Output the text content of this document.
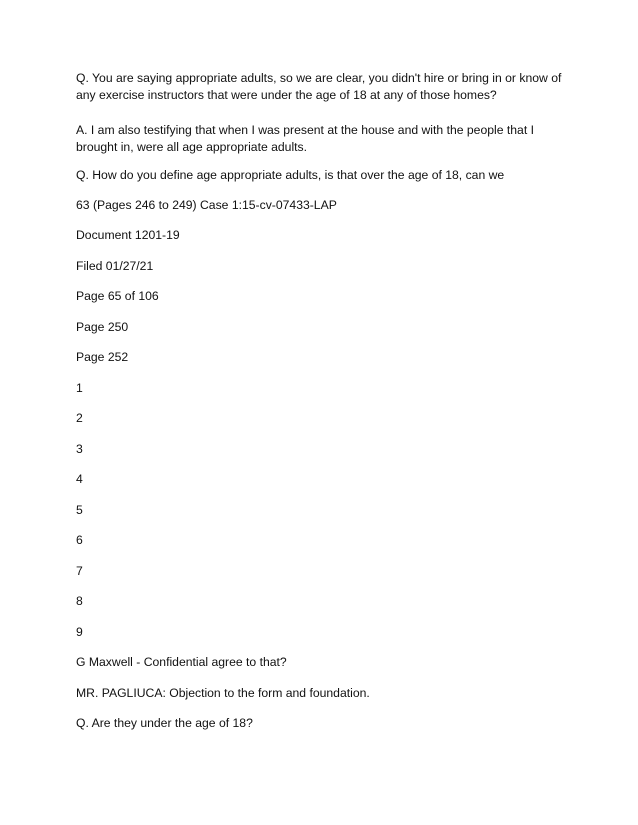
Q. You are saying appropriate adults, so we are clear, you didn't hire or bring in or know of any exercise instructors that were under the age of 18 at any of those homes?

A. I am also testifying that when I was present at the house and with the people that I brought in, were all age appropriate adults.

Q. How do you define age appropriate adults, is that over the age of 18, can we

63 (Pages 246 to 249) Case 1:15-cv-07433-LAP

Document 1201-19

Filed 01/27/21

Page 65 of 106

Page 250

Page 252

1

2

3

4

5

6

7

8

9

G Maxwell - Confidential agree to that?

MR. PAGLIUCA: Objection to the form and foundation.

Q. Are they under the age of 18?
